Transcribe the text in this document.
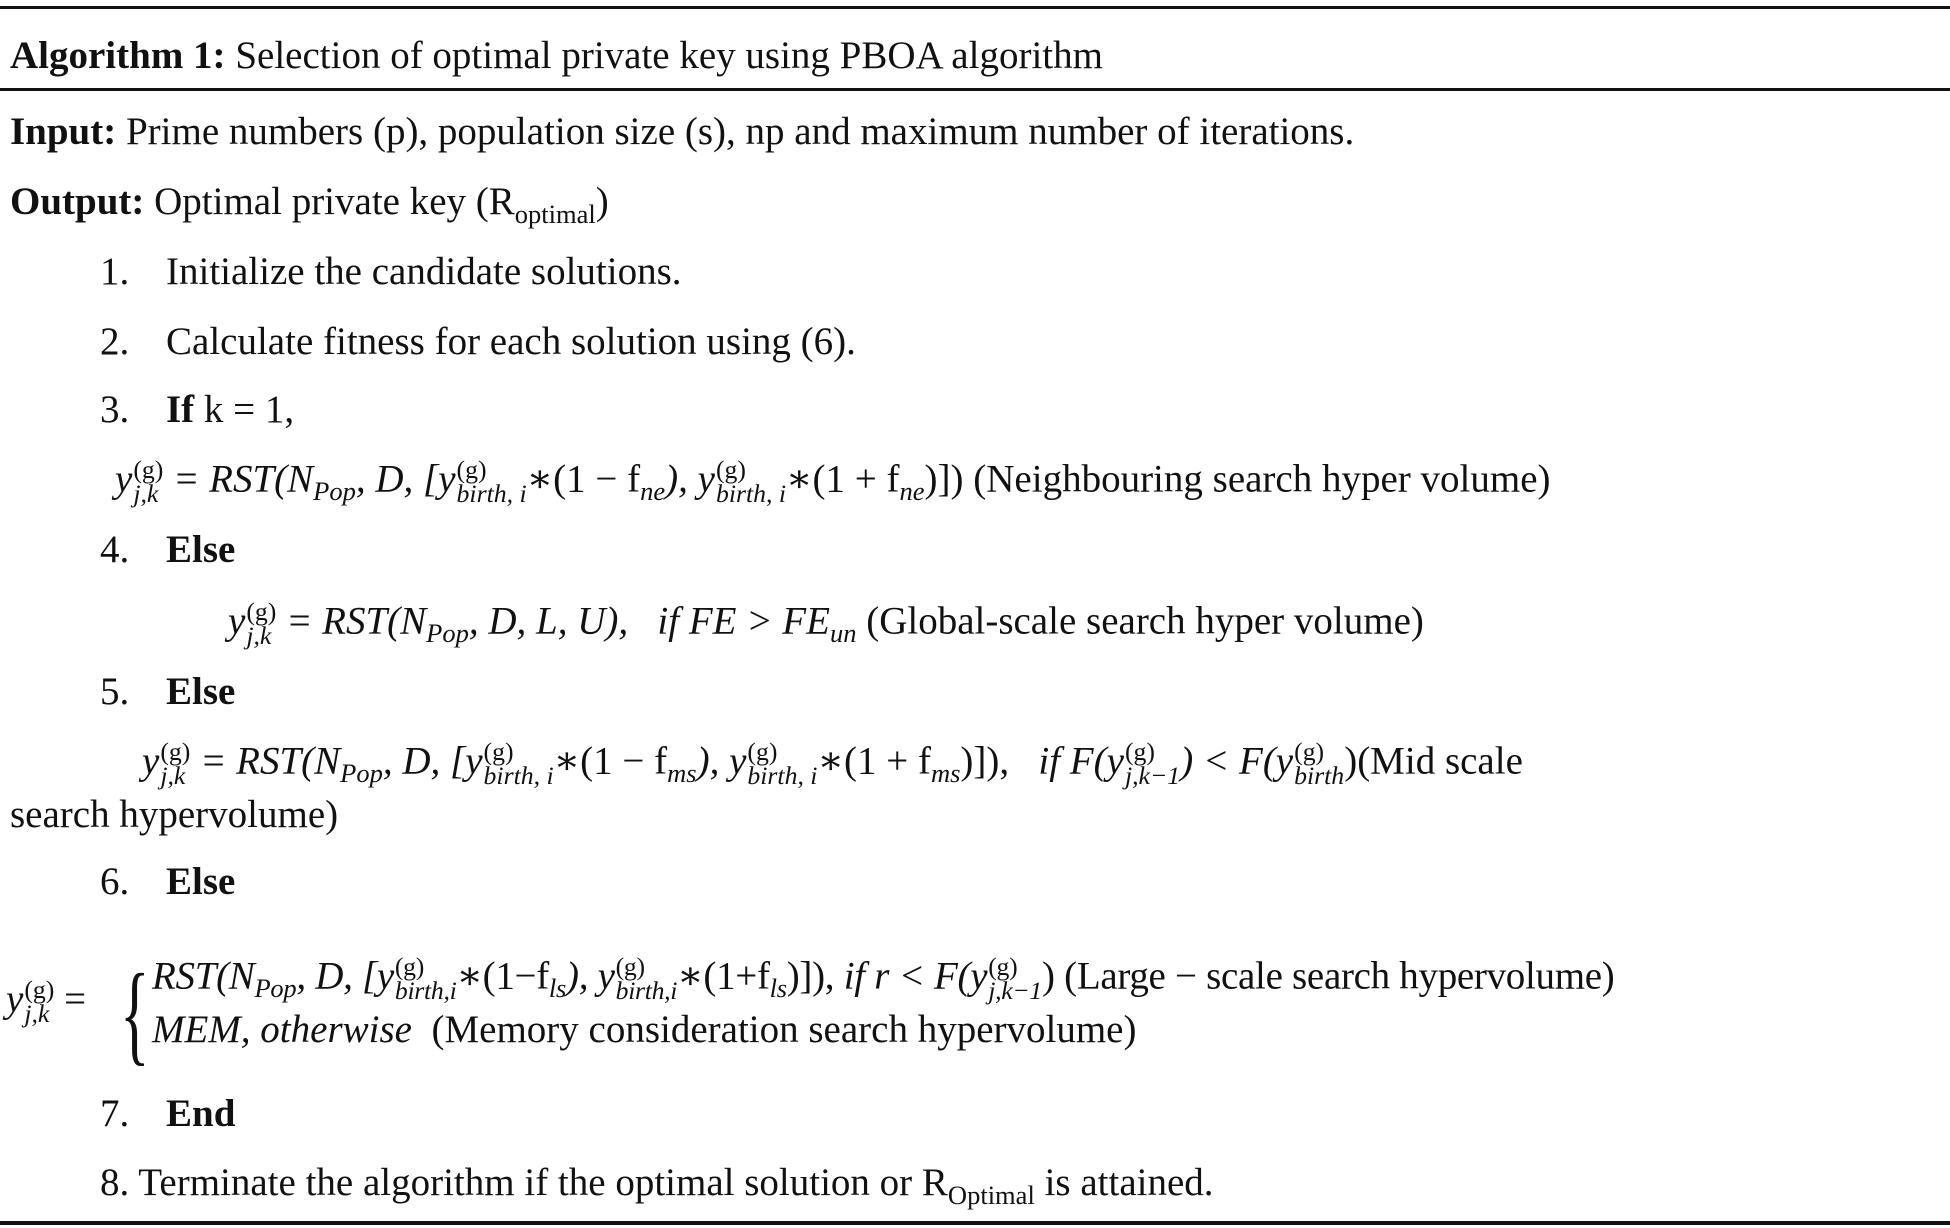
Algorithm 1: Selection of optimal private key using PBOA algorithm
Input: Prime numbers (p), population size (s), np and maximum number of iterations.
Output: Optimal private key $(R_{optimal})$
1. Initialize the candidate solutions.
2. Calculate fitness for each solution using (6).
3. If k = 1,
y (g)
$j,k = RST(N_{Pop}$, D, [y (g)
birth, i ∗(1 − $f_{ne}$), y (g)
birth, i ∗(1 + $f_{ne}$)]) (Neighbouring search hyper volume)
4. Else
y (g)
$j,k = RST(N_{Pop}$, D, L, U), if FE > $FE_{un}$ (Global-scale search hyper volume)
5. Else
y (g)
$j,k = RST(N_{Pop}$, D, [y (g)
birth, i ∗(1 − $f_{ms}$), y (g)
birth, i ∗(1 + $f_{ms}$)]), if F(y (g)
j,k−1 ) < F(y (g)
birth )(Mid scale
search hypervolume)
6. Else
y (g)
j,k = { $RST(N_{Pop}$, D, [y (g)
birth,i $∗(1-f_{ls})$, y (g)
birth,i $∗(1+f_{ls})$]), if r < F(y (g)
j,k−1 ) (Large − scale search hypervolume)
MEM, otherwise (Memory consideration search hypervolume)
7. End
8. Terminate the algorithm if the optimal solution or $R_{Optimal}$ is attained.
